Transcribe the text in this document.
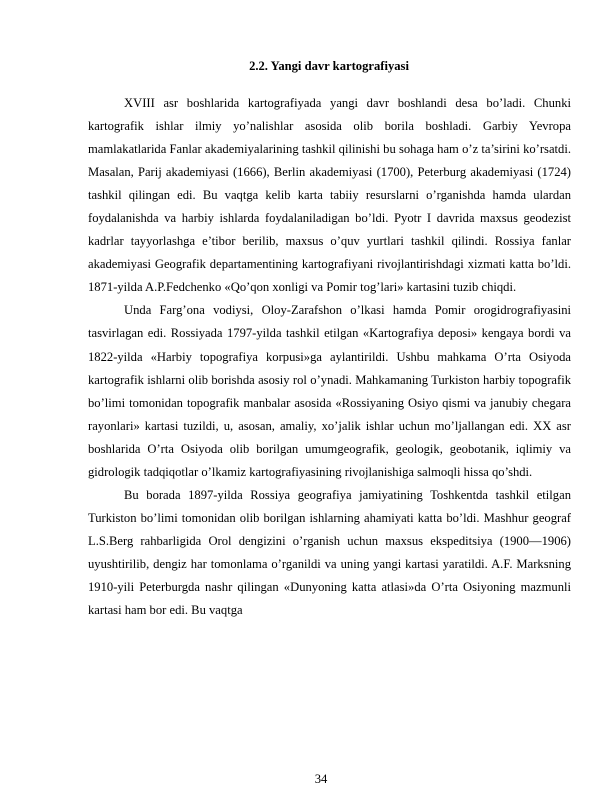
2.2. Yangi davr kartografiyasi

XVIII asr boshlarida kartografiyada yangi davr boshlandi desa bo’ladi. Chunki kartografik ishlar ilmiy yo’nalishlar asosida olib borila boshladi. Garbiy Yevropa mamlakatlarida Fanlar akademiyalarining tashkil qilinishi bu sohaga ham o’z ta’sirini ko’rsatdi. Masalan, Parij akademiyasi (1666), Berlin akademiyasi (1700), Peterburg akademiyasi (1724) tashkil qilingan edi. Bu vaqtga kelib karta tabiiy resurslarni o’rganishda hamda ulardan foydalanishda va harbiy ishlarda foydalaniladigan bo’ldi. Pyotr I davrida maxsus geodezist kadrlar tayyorlashga e’tibor berilib, maxsus o’quv yurtlari tashkil qilindi. Rossiya fanlar akademiyasi Geografik departamentining kartografiyani rivojlantirishdagi xizmati katta bo’ldi. 1871-yilda A.P.Fedchenko «Qo’qon xonligi va Pomir tog’lari» kartasini tuzib chiqdi.

Unda Farg’ona vodiysi, Oloy-Zarafshon o’lkasi hamda Pomir orogidrografiyasini tasvirlagan edi. Rossiyada 1797-yilda tashkil etilgan «Kartografiya deposi» kengaya bordi va 1822-yilda «Harbiy topografiya korpusi»ga aylantirildi. Ushbu mahkama O’rta Osiyoda kartografik ishlarni olib borishda asosiy rol o’ynadi. Mahkamaning Turkiston harbiy topografik bo’limi tomonidan topografik manbalar asosida «Rossiyaning Osiyo qismi va janubiy chegara rayonlari» kartasi tuzildi, u, asosan, amaliy, xo’jalik ishlar uchun mo’ljallangan edi. XX asr boshlarida O’rta Osiyoda olib borilgan umumgeografik, geologik, geobotanik, iqlimiy va gidrologik tadqiqotlar o’lkamiz kartografiyasining rivojlanishiga salmoqli hissa qo’shdi.

Bu borada 1897-yilda Rossiya geografiya jamiyatining Toshkentda tashkil etilgan Turkiston bo’limi tomonidan olib borilgan ishlarning ahamiyati katta bo’ldi. Mashhur geograf L.S.Berg rahbarligida Orol dengizini o’rganish uchun maxsus ekspeditsiya (1900—1906) uyushtirilib, dengiz har tomonlama o’rganildi va uning yangi kartasi yaratildi. A.F. Marksning 1910-yili Peterburgda nashr qilingan «Dunyoning katta atlasi»da O’rta Osiyoning mazmunli kartasi ham bor edi. Bu vaqtga

34
